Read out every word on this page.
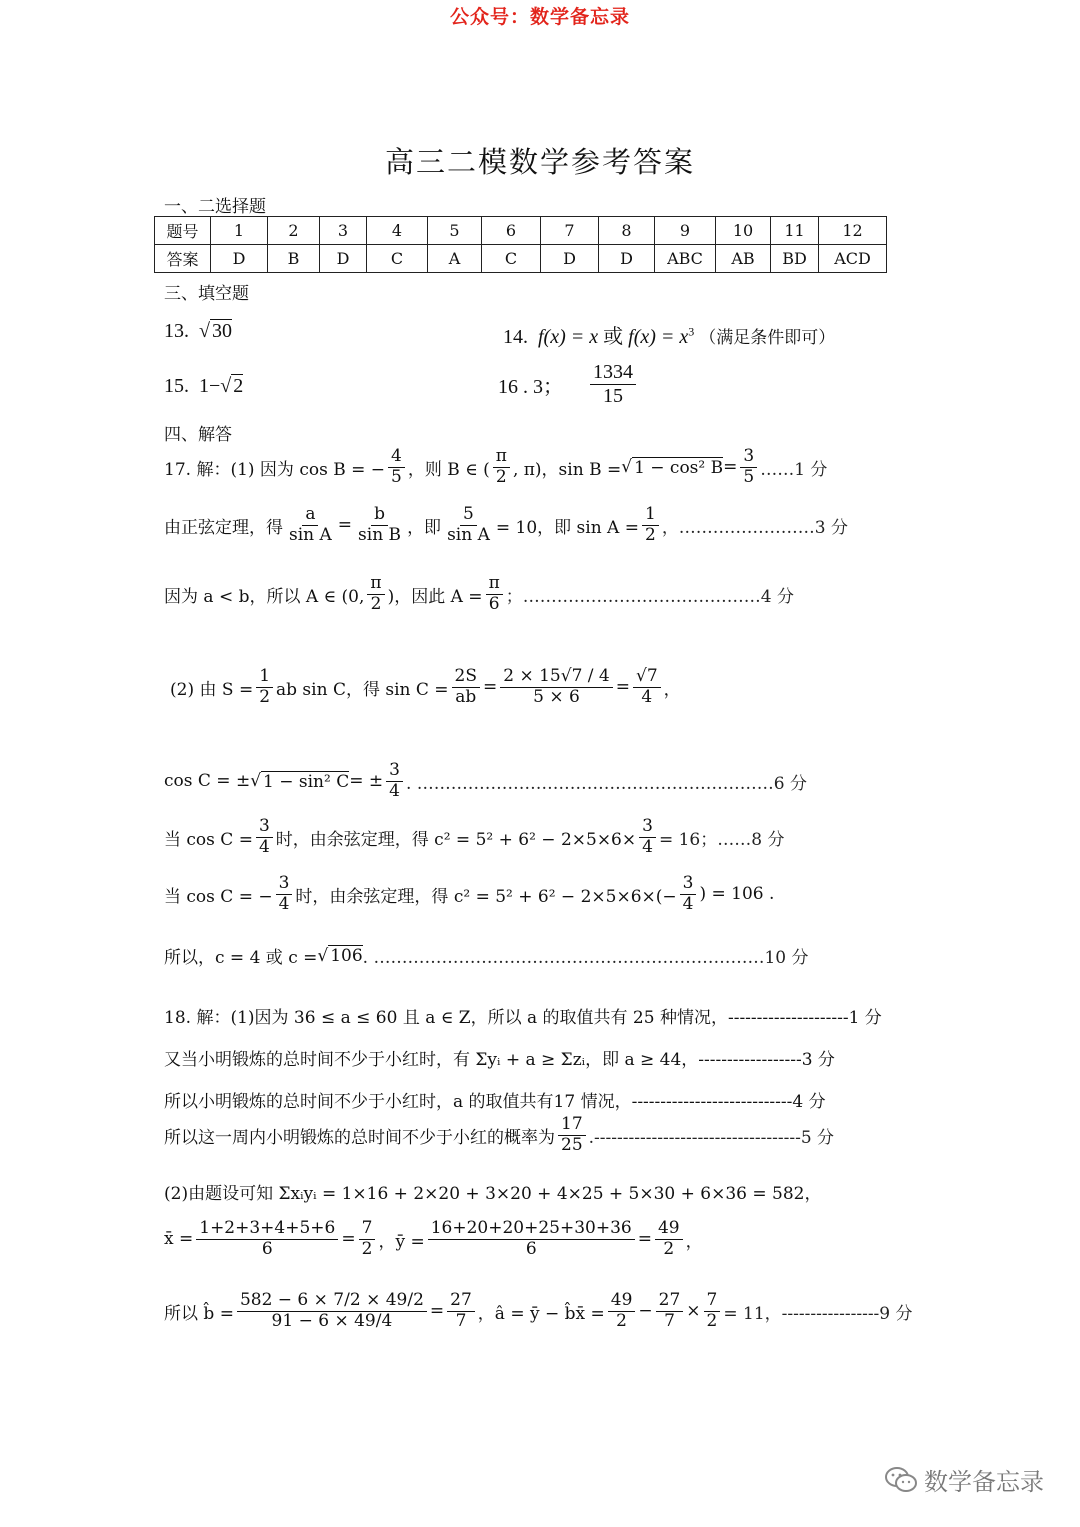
公众号：数学备忘录
高三二模数学参考答案
一、二选择题
题号	1	2	3	4	5	6	7	8	9	10	11	12
答案	D	B	D	C	A	C	D	D	ABC	AB	BD	ACD
三、填空题
13.  √ 30	14. f(x) = x 或 $f(x) = x^3$ （满足条件即可）
15. 1−√ 2	16 . 3； $\frac{1334}{15}$
四、解答
17. 解：(1) 因为 cos B = − $\frac{4}{5}$ ，则 B ∈ ( $\frac{\pi}{2}$ , π)，sin B = √ 1 − cos² $B = \frac{3}{5}$ ……1 分
由正弦定理，得 $\frac{a}{\text{sin A}} = \frac{b}{\text{sin B}}$ ，即 $\frac{5}{\text{sin A}} = 10$，即 $\sin A = \frac{1}{2}$ ，……………………3 分
因为 a < b，所以 A ∈ (0, $\frac{\pi}{2}$ )，因此 $A = \frac{\pi}{6}$ ；……………………………………4 分
(2) 由 $S = \frac{1}{2}$ ab sin C，得 $\sin C = \frac{2S}{ab} = \frac{2 \times 15√7 / 4}{5 \times 6} = \frac{√7}{4}$ ，
cos C = ± √ 1 − sin² C = ± $\frac{3}{4}$ . ………………………………………………………6 分
当 $\cos C = \frac{3}{4}$ 时，由余弦定理，得 $c^2 = 5^2 + 6^2 - 2\times 5\times 6\times \frac{3}{4} = 16$；……8 分
当 cos C = − $\frac{3}{4}$ 时，由余弦定理，得 $c^2 = 5^2 + 6^2 - 2\times 5\times 6\times(- \frac{3}{4}$ ) = 106 .
所以，c = 4 或 c = √ 106 . ……………………………………………………………10 分
18. 解：(1)因为 36 ≤ a ≤ 60 且 a ∈ Z，所以 a 的取值共有 25 种情况，---------------------1 分
又当小明锻炼的总时间不少于小红时，有 Σyᵢ + a ≥ Σzᵢ，即 a ≥ 44，------------------3 分
所以小明锻炼的总时间不少于小红时，a 的取值共有17 情况，----------------------------4 分
所以这一周内小明锻炼的总时间不少于小红的概率为 $\frac{17}{25} .------------------------------------5$ 分
(2)由题设可知 Σxᵢyᵢ = 1×16 + 2×20 + 3×20 + 4×25 + 5×30 + 6×36 = 582，
x̄ = $\frac{1+2+3+4+5+6}{6} = \frac{7}{2}$ ，ȳ = $\frac{16+20+20+25+30+36}{6} = \frac{49}{2}$ ，
所以 b̂ = $\frac{582 - 6 \times 7/2 \times 49/2}{91 - 6 \times 49/4} = \frac{27}{7}$ ，â = ȳ − b̂x̄ = $\frac{49}{2} - \frac{27}{7} \times \frac{7}{2} = 11$，-----------------9 分
数学备忘录
